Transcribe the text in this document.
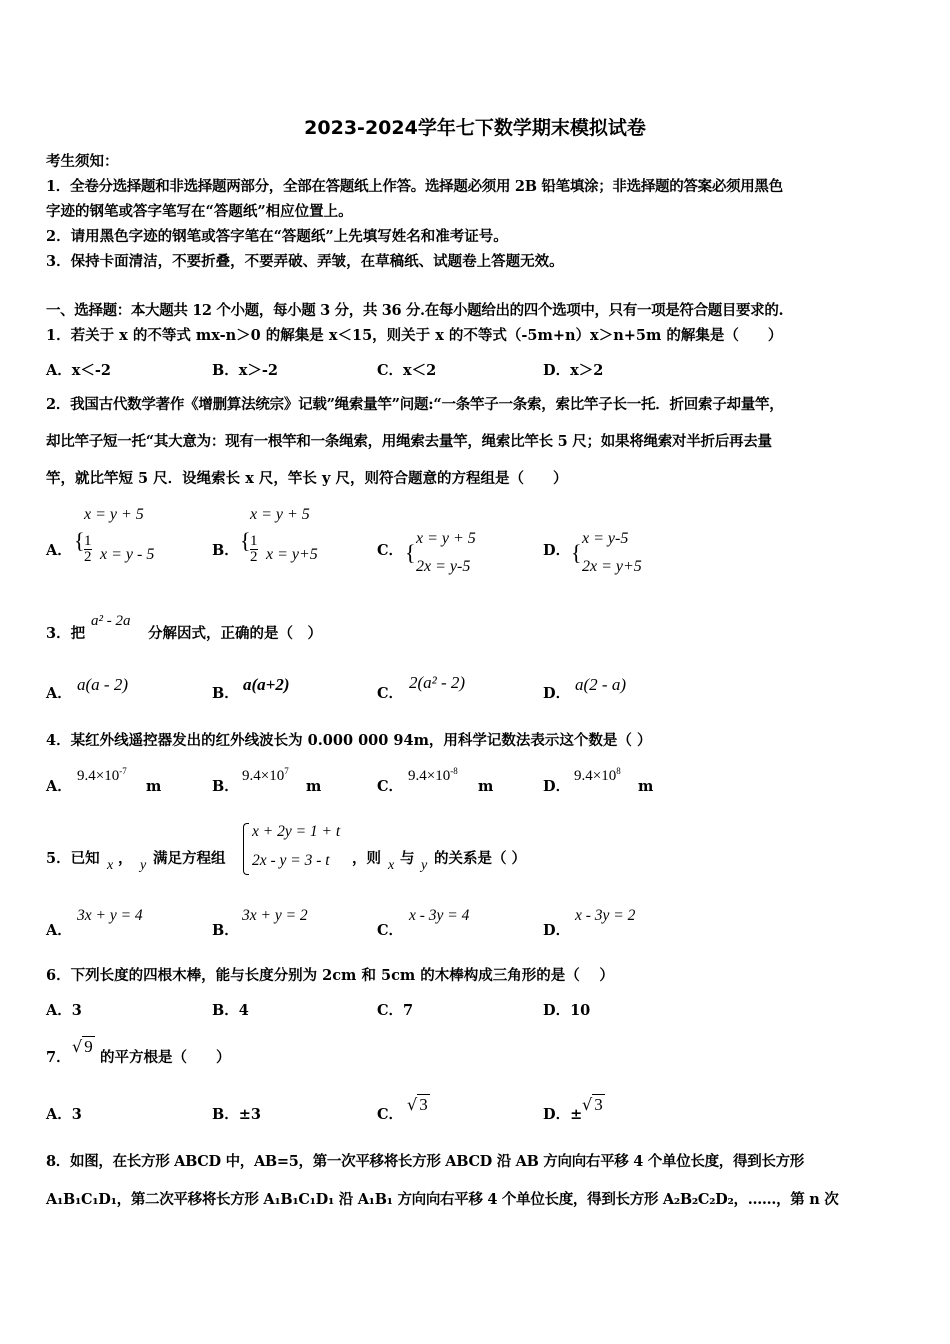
2023-2024学年七下数学期末模拟试卷
考生须知：
1．全卷分选择题和非选择题两部分，全部在答题纸上作答。选择题必须用 2B 铅笔填涂；非选择题的答案必须用黑色
字迹的钢笔或答字笔写在“答题纸”相应位置上。
2．请用黑色字迹的钢笔或答字笔在“答题纸”上先填写姓名和准考证号。
3．保持卡面清洁，不要折叠，不要弄破、弄皱，在草稿纸、试题卷上答题无效。
一、选择题：本大题共 12 个小题，每小题 3 分，共 36 分.在每小题给出的四个选项中，只有一项是符合题目要求的.
1．若关于 x 的不等式 mx-n＞0 的解集是 x＜15，则关于 x 的不等式（-5m+n）x＞n+5m 的解集是（　　）
A．x＜-2	B．x＞-2	C．x＜2	D．x＞2
2．我国古代数学著作《增删算法统宗》记载”绳索量竿”问题:“一条竿子一条索，索比竿子长一托．折回索子却量竿，
却比竿子短一托“其大意为：现有一根竿和一条绳索，用绳索去量竿，绳索比竿长 5 尺；如果将绳索对半折后再去量
竿，就比竿短 5 尺．设绳索长 x 尺，竿长 y 尺，则符合题意的方程组是（　　）
A．
x = y + 5
{ $\frac{1}{2}$ x = y - 5	B．
x = y + 5
{ $\frac{1}{2}$ x = y+5	C． {
x = y + 5
2x = y-5
D． {
x = y-5
2x = y+5
3．把
a² - 2a
分解因式，正确的是（　）
A． a(a - 2)	B． a(a+2)	C．
2(a² - 2)
D． a(2 - a)
4．某红外线遥控器发出的红外线波长为 0.000 000 94m，用科学记数法表示这个数是（ ）
A．
$9.4\times 10^{-7}$
m	B．
$9.4\times 10^7$
m	C．
$9.4\times 10^{-8}$
m	D．
$9.4\times 10^8$
m
5．已知 x ， y 满足方程组
x + 2y = 1 + t
2x - y = 3 - t ，则 x 与 y 的关系是（ ）
A．
3x + y = 4
B．
3x + y = 2
C．
x - 3y = 4
D．
x - 3y = 2
6．下列长度的四根木棒，能与长度分别为 2cm 和 5cm 的木棒构成三角形的是（　 ）
A．3	B．4	C．7	D．10
7．
√ 9
的平方根是（　　）
A．3	B．±3	C．
√ 3
D．±
√ 3
8．如图，在长方形 ABCD 中，AB=5，第一次平移将长方形 ABCD 沿 AB 方向向右平移 4 个单位长度，得到长方形
A₁B₁C₁D₁，第二次平移将长方形 A₁B₁C₁D₁ 沿 A₁B₁ 方向向右平移 4 个单位长度，得到长方形 A₂B₂C₂D₂，……，第 n 次
